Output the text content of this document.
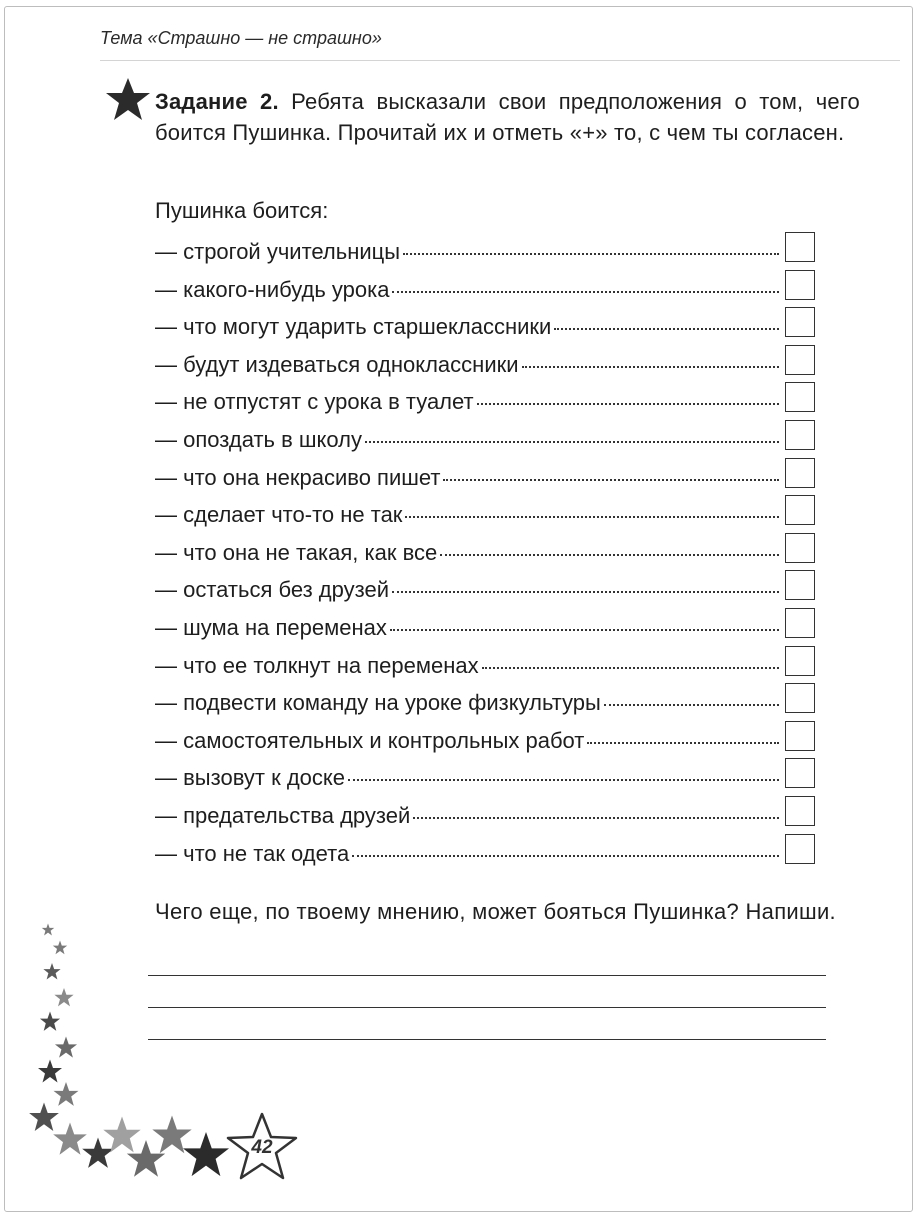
Тема «Страшно — не страшно»
Задание 2. Ребята высказали свои предположения о том, чего боится Пушинка. Прочитай их и отметь «+» то, с чем ты согласен.
Пушинка боится:
— строгой учительницы
— какого-нибудь урока
— что могут ударить старшеклассники
— будут издеваться одноклассники
— не отпустят с урока в туалет
— опоздать в школу
— что она некрасиво пишет
— сделает что-то не так
— что она не такая, как все
— остаться без друзей
— шума на переменах
— что ее толкнут на переменах
— подвести команду на уроке физкультуры
— самостоятельных и контрольных работ
— вызовут к доске
— предательства друзей
— что не так одета
Чего еще, по твоему мнению, может бояться Пушинка? Напиши.
42
